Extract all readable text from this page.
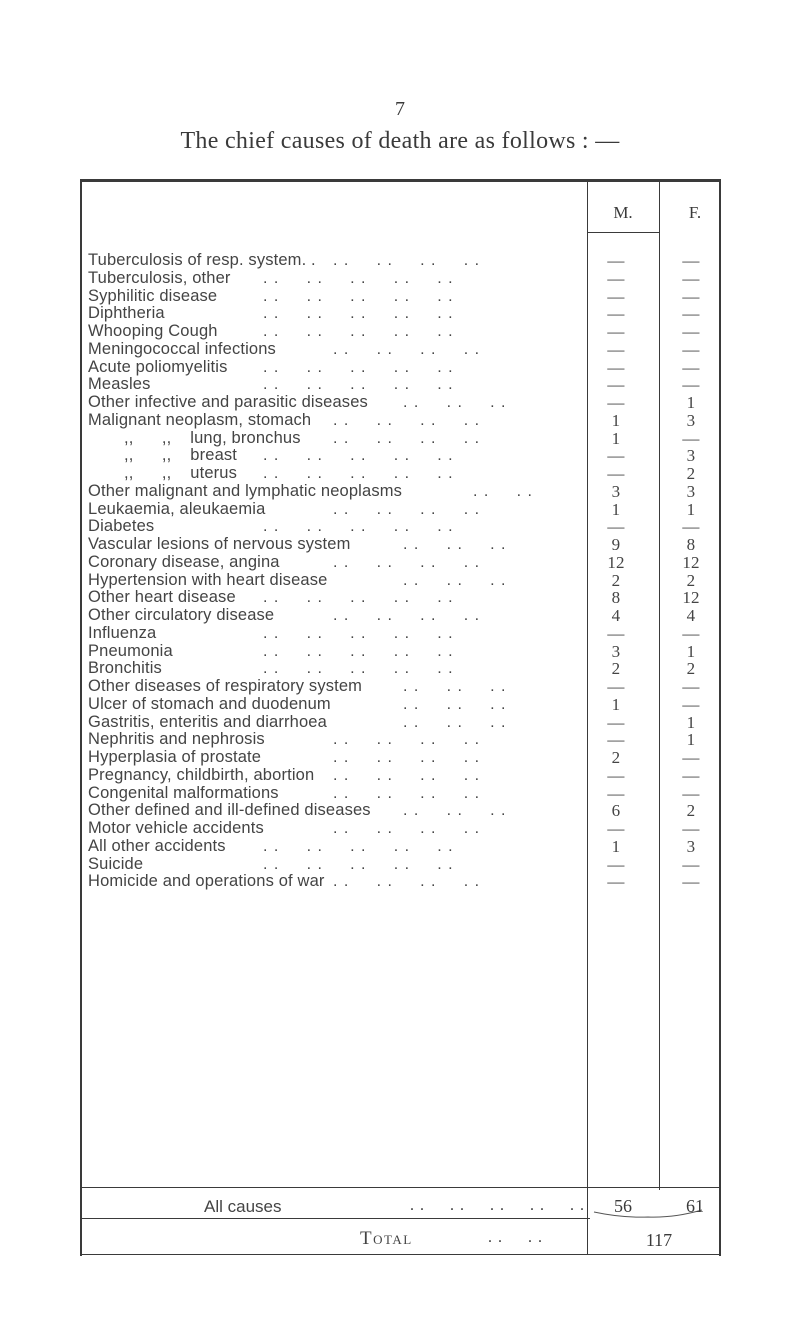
7
The chief causes of death are as follows : —
M.	F.
Tuberculosis of resp. system. . . .     . .     . .     . .	—	—
Tuberculosis, other . .     . .     . .     . .     . .	—	—
Syphilitic disease	. .     . .     . .     . .     . .	—	—
Diphtheria	. .     . .     . .     . .     . .	—	—
Whooping Cough	. .     . .     . .     . .     . .	—	—
Meningococcal infections	. .     . .     . .     . .	—	—
Acute poliomyelitis . .     . .     . .     . .     . .	—	—
Measles	. .     . .     . .     . .     . .	—	—
Other infective and parasitic diseases . .     . .     . .	—	1
Malignant neoplasm, stomach . .     . .     . .     . .	1	3
,,      ,,    lung, bronchus . .     . .     . .     . .	1	—
,,      ,,    breast . .     . .     . .     . .     . .	—	3
,,      ,,    uterus . .     . .     . .     . .     . .	—	2
Other malignant and lymphatic neoplasms	. .     . .	3	3
Leukaemia, aleukaemia	. .     . .     . .     . .	1	1
Diabetes	. .     . .     . .     . .     . .	—	—
Vascular lesions of nervous system	. .     . .     . .	9	8
Coronary disease, angina	. .     . .     . .     . .	12	12
Hypertension with heart disease	. .     . .     . .	2	2
Other heart disease . .     . .     . .     . .     . .	8	12
Other circulatory disease	. .     . .     . .     . .	4	4
Influenza	. .     . .     . .     . .     . .	—	—
Pneumonia	. .     . .     . .     . .     . .	3	1
Bronchitis	. .     . .     . .     . .     . .	2	2
Other diseases of respiratory system	. .     . .     . .	—	—
Ulcer of stomach and duodenum	. .     . .     . .	1	—
Gastritis, enteritis and diarrhoea	. .     . .     . .	—	1
Nephritis and nephrosis	. .     . .     . .     . .	—	1
Hyperplasia of prostate	. .     . .     . .     . .	2	—
Pregnancy, childbirth, abortion . .     . .     . .     . .	—	—
Congenital malformations	. .     . .     . .     . .	—	—
Other defined and ill-defined diseases . .     . .     . .	6	2
Motor vehicle accidents	. .     . .     . .     . .	—	—
All other accidents . .     . .     . .     . .     . .	1	3
Suicide	. .     . .     . .     . .     . .	—	—
Homicide and operations of war . .     . .     . .     . .	—	—
All causes	. .     . .     . .     . .     . .	56	61
Total	. .     . .	117
